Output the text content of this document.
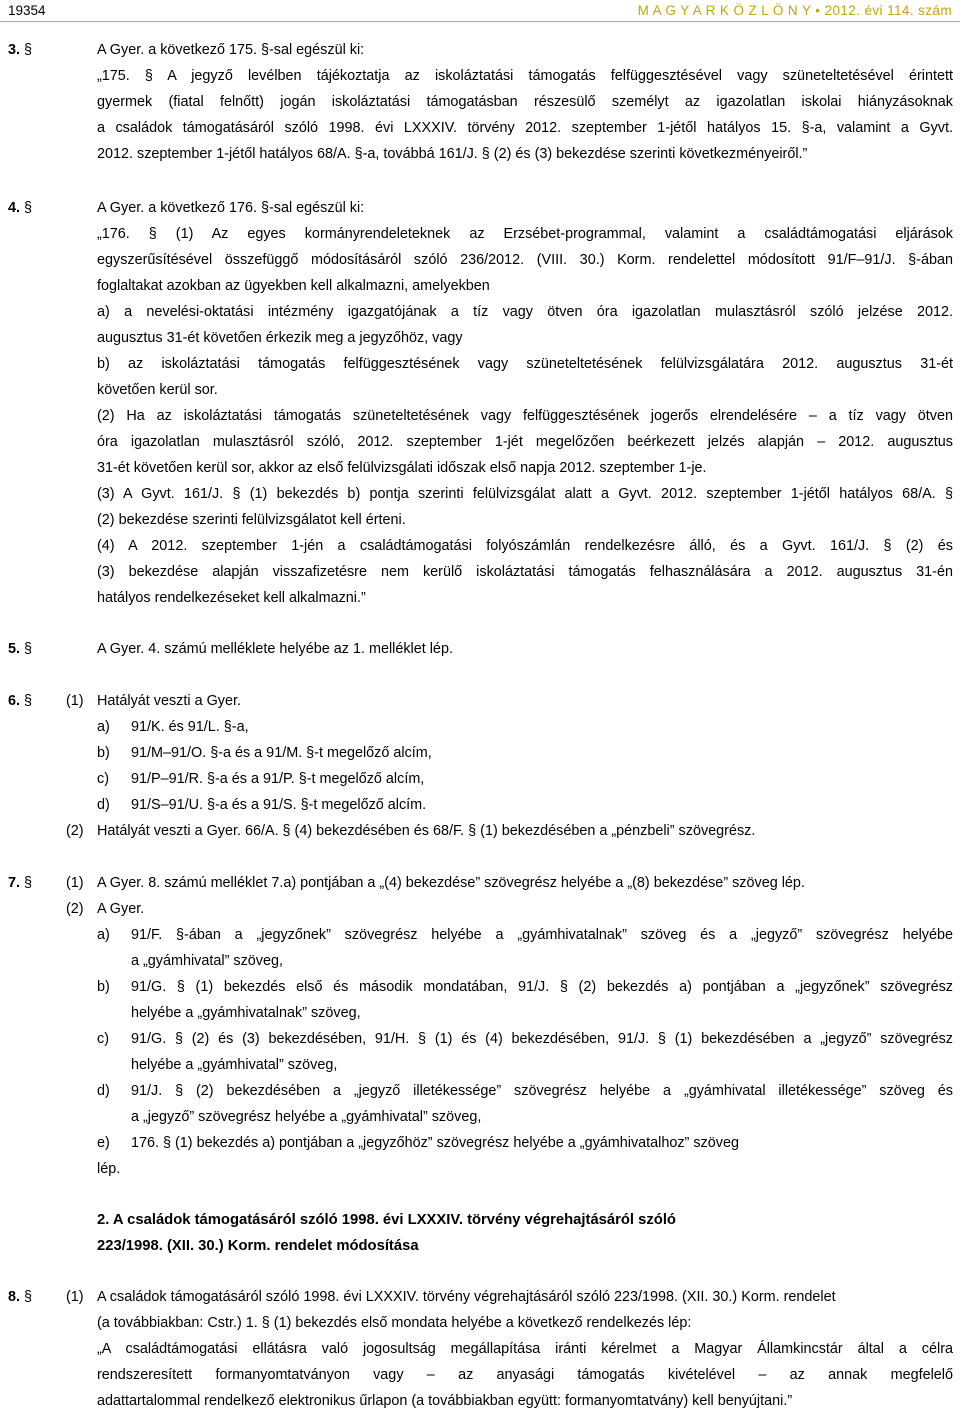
19354	M A G Y A R K Ö Z L Ö N Y • 2012. évi 114. szám
3. §	A Gyer. a következő 175. §-sal egészül ki:
„175. § A jegyző levélben tájékoztatja az iskoláztatási támogatás felfüggesztésével vagy szüneteltetésével érintett
gyermek (fiatal felnőtt) jogán iskoláztatási támogatásban részesülő személyt az igazolatlan iskolai hiányzásoknak
a családok támogatásáról szóló 1998. évi LXXXIV. törvény 2012. szeptember 1-jétől hatályos 15. §-a, valamint a Gyvt.
2012. szeptember 1-jétől hatályos 68/A. §-a, továbbá 161/J. § (2) és (3) bekezdése szerinti következményeiről.”
4. §	A Gyer. a következő 176. §-sal egészül ki:
„176. § (1) Az egyes kormányrendeleteknek az Erzsébet-programmal, valamint a családtámogatási eljárások
egyszerűsítésével összefüggő módosításáról szóló 236/2012. (VIII. 30.) Korm. rendelettel módosított 91/F–91/J. §-ában
foglaltakat azokban az ügyekben kell alkalmazni, amelyekben
a) a nevelési-oktatási intézmény igazgatójának a tíz vagy ötven óra igazolatlan mulasztásról szóló jelzése 2012.
augusztus 31-ét követően érkezik meg a jegyzőhöz, vagy
b) az iskoláztatási támogatás felfüggesztésének vagy szüneteltetésének felülvizsgálatára 2012. augusztus 31-ét
követően kerül sor.
(2) Ha az iskoláztatási támogatás szüneteltetésének vagy felfüggesztésének jogerős elrendelésére – a tíz vagy ötven
óra igazolatlan mulasztásról szóló, 2012. szeptember 1-jét megelőzően beérkezett jelzés alapján – 2012. augusztus
31-ét követően kerül sor, akkor az első felülvizsgálati időszak első napja 2012. szeptember 1-je.
(3) A Gyvt. 161/J. § (1) bekezdés b) pontja szerinti felülvizsgálat alatt a Gyvt. 2012. szeptember 1-jétől hatályos 68/A. §
(2) bekezdése szerinti felülvizsgálatot kell érteni.
(4) A 2012. szeptember 1-jén a családtámogatási folyószámlán rendelkezésre álló, és a Gyvt. 161/J. § (2) és
(3) bekezdése alapján visszafizetésre nem kerülő iskoláztatási támogatás felhasználására a 2012. augusztus 31-én
hatályos rendelkezéseket kell alkalmazni.”
5. §	A Gyer. 4. számú melléklete helyébe az 1. melléklet lép.
6. § (1) Hatályát veszti a Gyer.
a) 91/K. és 91/L. §-a,
b) 91/M–91/O. §-a és a 91/M. §-t megelőző alcím,
c) 91/P–91/R. §-a és a 91/P. §-t megelőző alcím,
d) 91/S–91/U. §-a és a 91/S. §-t megelőző alcím.
(2) Hatályát veszti a Gyer. 66/A. § (4) bekezdésében és 68/F. § (1) bekezdésében a „pénzbeli” szövegrész.
7. § (1) A Gyer. 8. számú melléklet 7.a) pontjában a „(4) bekezdése” szövegrész helyébe a „(8) bekezdése” szöveg lép.
(2) A Gyer.
a) 91/F. §-ában a „jegyzőnek” szövegrész helyébe a „gyámhivatalnak” szöveg és a „jegyző” szövegrész helyébe
a „gyámhivatal” szöveg,
b) 91/G. § (1) bekezdés első és második mondatában, 91/J. § (2) bekezdés a) pontjában a „jegyzőnek” szövegrész
helyébe a „gyámhivatalnak” szöveg,
c) 91/G. § (2) és (3) bekezdésében, 91/H. § (1) és (4) bekezdésében, 91/J. § (1) bekezdésében a „jegyző” szövegrész
helyébe a „gyámhivatal” szöveg,
d) 91/J. § (2) bekezdésében a „jegyző illetékessége” szövegrész helyébe a „gyámhivatal illetékessége” szöveg és
a „jegyző” szövegrész helyébe a „gyámhivatal” szöveg,
e) 176. § (1) bekezdés a) pontjában a „jegyzőhöz” szövegrész helyébe a „gyámhivatalhoz” szöveg
lép.
2. A családok támogatásáról szóló 1998. évi LXXXIV. törvény végrehajtásáról szóló
223/1998. (XII. 30.) Korm. rendelet módosítása
8. § (1) A családok támogatásáról szóló 1998. évi LXXXIV. törvény végrehajtásáról szóló 223/1998. (XII. 30.) Korm. rendelet
(a továbbiakban: Cstr.) 1. § (1) bekezdés első mondata helyébe a következő rendelkezés lép:
„A családtámogatási ellátásra való jogosultság megállapítása iránti kérelmet a Magyar Államkincstár által a célra
rendszeresített formanyomtatványon vagy – az anyasági támogatás kivételével – az annak megfelelő
adattartalommal rendelkező elektronikus űrlapon (a továbbiakban együtt: formanyomtatvány) kell benyújtani.”
